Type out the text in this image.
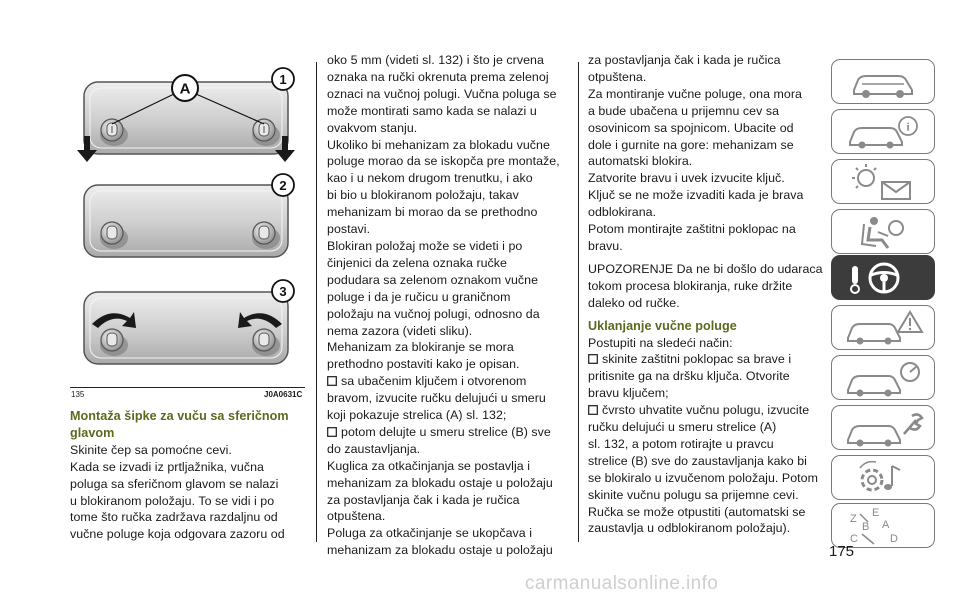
A
1
2
3
135	J0A0631C
Montaža šipke za vuču sa sferičnom glavom

Skinite čep sa pomoćne cevi.

Kada se izvadi iz prtljažnika, vučna

poluga sa sferičnom glavom se nalazi

u blokiranom položaju. To se vidi i po

tome što ručka zadržava razdaljnu od

vučne poluge koja odgovara zazoru od

oko 5 mm (videti sl. 132) i što je crvena

oznaka na ručki okrenuta prema zelenoj

oznaci na vučnoj polugi. Vučna poluga se

može montirati samo kada se nalazi u

ovakvom stanju.

Ukoliko bi mehanizam za blokadu vučne

poluge morao da se iskopča pre montaže,

kao i u nekom drugom trenutku, i ako

bi bio u blokiranom položaju, takav

mehanizam bi morao da se prethodno

postavi.

Blokiran položaj može se videti i po

činjenici da zelena oznaka ručke

podudara sa zelenom oznakom vučne

poluge i da je ručicu u graničnom

položaju na vučnoj polugi, odnosno da

nema zazora (videti sliku).

Mehanizam za blokiranje se mora

prethodno postaviti kako je opisan.

sa ubačenim ključem i otvorenom

bravom, izvucite ručku delujući u smeru

koji pokazuje strelica (A) sl. 132;

potom delujte u smeru strelice (B) sve

do zaustavljanja.

Kuglica za otkačinjanja se postavlja i

mehanizam za blokadu ostaje u položaju

za postavljanja čak i kada je ručica

otpuštena.

Poluga za otkačinjanje se ukopčava i

mehanizam za blokadu ostaje u položaju

za postavljanja čak i kada je ručica

otpuštena.

Za montiranje vučne poluge, ona mora

a bude ubačena u prijemnu cev sa

osovinicom sa spojnicom. Ubacite od

dole i gurnite na gore: mehanizam se

automatski blokira.

Zatvorite bravu i uvek izvucite ključ.

Ključ se ne može izvaditi kada je brava

odblokirana.

Potom montirajte zaštitni poklopac na

bravu.

UPOZORENJE Da ne bi došlo do udaraca

tokom procesa blokiranja, ruke držite

daleko od ručke.

Uklanjanje vučne poluge

Postupiti na sledeći način:

skinite zaštitni poklopac sa brave i

pritisnite ga na dršku ključa. Otvorite

bravu ključem;

čvrsto uhvatite vučnu polugu, izvucite

ručku delujući u smeru strelice (A)

sl. 132, a potom rotirajte u pravcu

strelice (B) sve do zaustavljanja kako bi

se blokiralo u izvučenom položaju. Potom

skinite vučnu polugu sa prijemne cevi.

Ručka se može otpustiti (automatski se

zaustavlja u odblokiranom položaju).

i
Z E
B A
C	D
175
carmanualsonline.info
